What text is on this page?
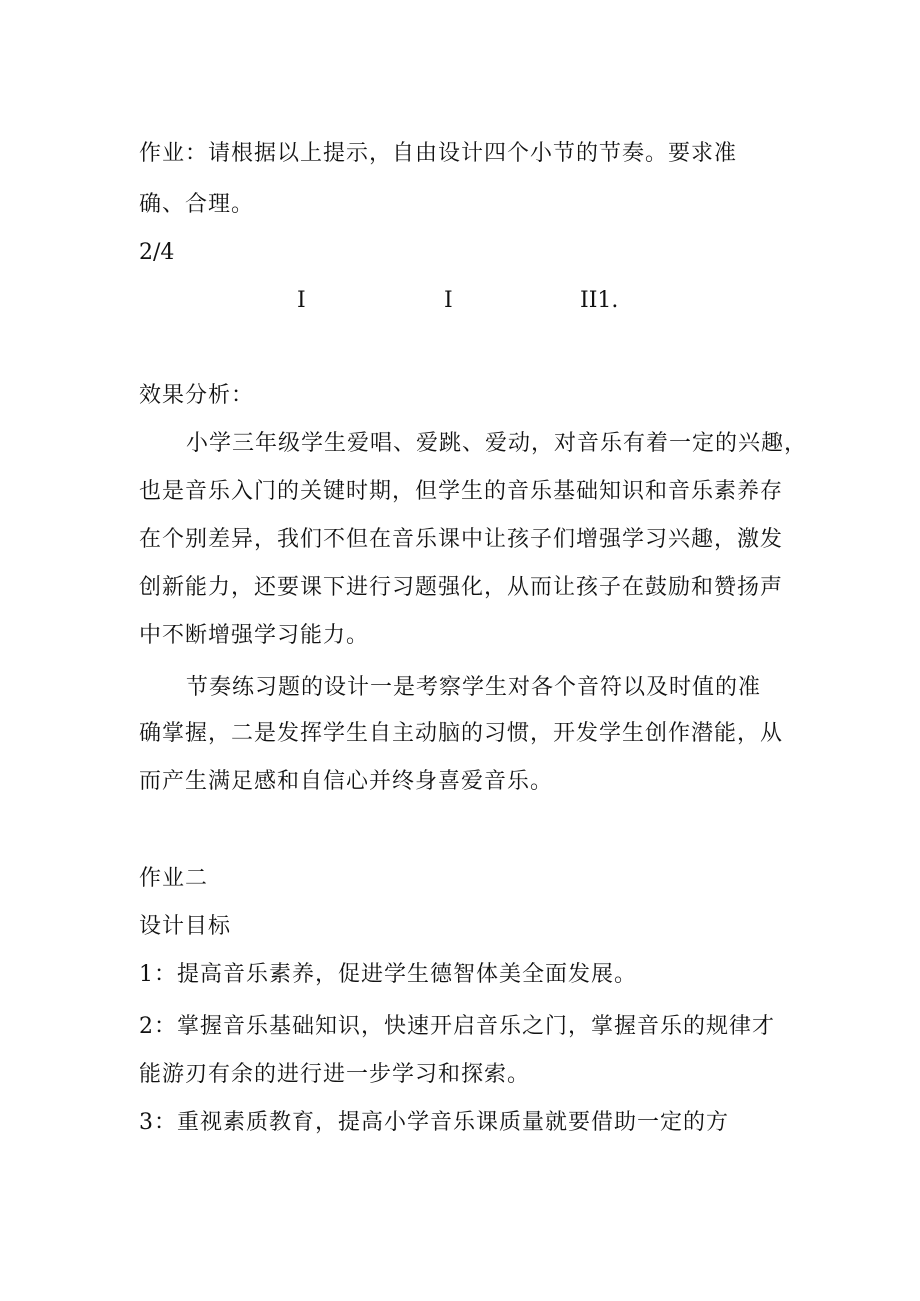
作业：请根据以上提示，自由设计四个小节的节奏。要求准
确、合理。
2/4
I	I	II1.
效果分析：
小学三年级学生爱唱、爱跳、爱动，对音乐有着一定的兴趣，
也是音乐入门的关键时期，但学生的音乐基础知识和音乐素养存
在个别差异，我们不但在音乐课中让孩子们增强学习兴趣，激发
创新能力，还要课下进行习题强化，从而让孩子在鼓励和赞扬声
中不断增强学习能力。
节奏练习题的设计一是考察学生对各个音符以及时值的准
确掌握，二是发挥学生自主动脑的习惯，开发学生创作潜能，从
而产生满足感和自信心并终身喜爱音乐。
作业二
设计目标
1：提高音乐素养，促进学生德智体美全面发展。
2：掌握音乐基础知识，快速开启音乐之门，掌握音乐的规律才
能游刃有余的进行进一步学习和探索。
3：重视素质教育，提高小学音乐课质量就要借助一定的方
